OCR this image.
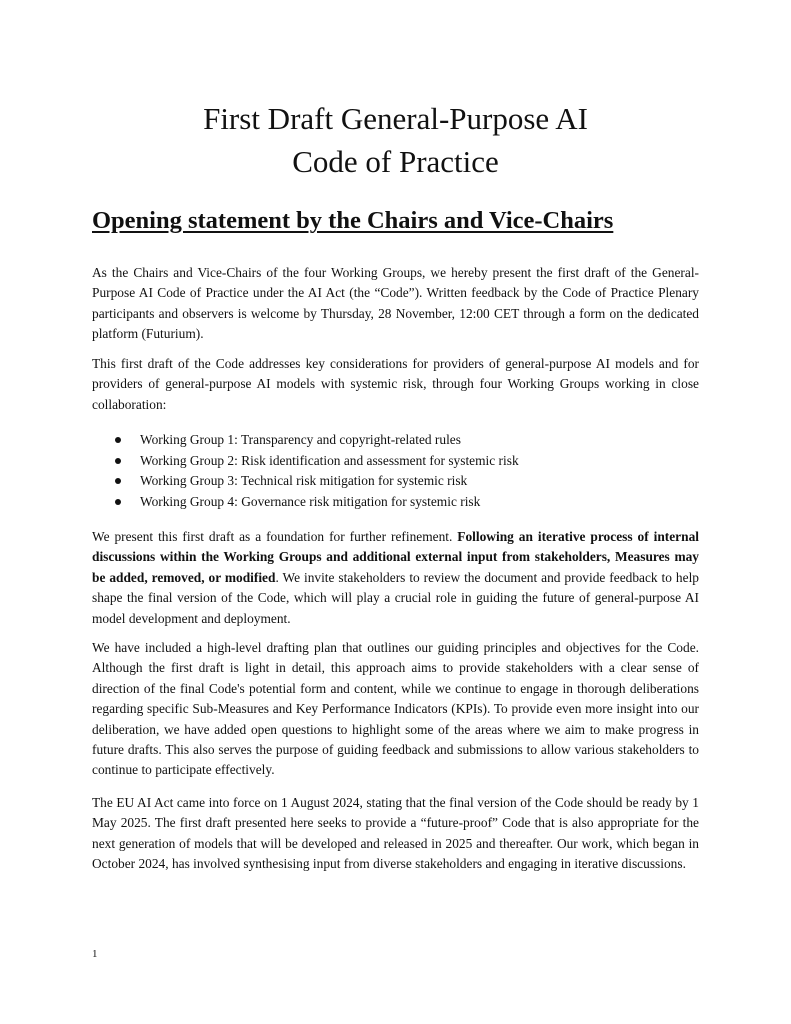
First Draft General-Purpose AI
Code of Practice
Opening statement by the Chairs and Vice-Chairs

As the Chairs and Vice-Chairs of the four Working Groups, we hereby present the first draft of the General-Purpose AI Code of Practice under the AI Act (the “Code”). Written feedback by the Code of Practice Plenary participants and observers is welcome by Thursday, 28 November, 12:00 CET through a form on the dedicated platform (Futurium).

This first draft of the Code addresses key considerations for providers of general-purpose AI models and for providers of general-purpose AI models with systemic risk, through four Working Groups working in close collaboration:

Working Group 1: Transparency and copyright-related rules
Working Group 2: Risk identification and assessment for systemic risk
Working Group 3: Technical risk mitigation for systemic risk
Working Group 4: Governance risk mitigation for systemic risk

We present this first draft as a foundation for further refinement. Following an iterative process of internal discussions within the Working Groups and additional external input from stakeholders, Measures may be added, removed, or modified. We invite stakeholders to review the document and provide feedback to help shape the final version of the Code, which will play a crucial role in guiding the future of general-purpose AI model development and deployment.

We have included a high-level drafting plan that outlines our guiding principles and objectives for the Code. Although the first draft is light in detail, this approach aims to provide stakeholders with a clear sense of direction of the final Code's potential form and content, while we continue to engage in thorough deliberations regarding specific Sub-Measures and Key Performance Indicators (KPIs). To provide even more insight into our deliberation, we have added open questions to highlight some of the areas where we aim to make progress in future drafts. This also serves the purpose of guiding feedback and submissions to allow various stakeholders to continue to participate effectively.

The EU AI Act came into force on 1 August 2024, stating that the final version of the Code should be ready by 1 May 2025. The first draft presented here seeks to provide a “future-proof” Code that is also appropriate for the next generation of models that will be developed and released in 2025 and thereafter. Our work, which began in October 2024, has involved synthesising input from diverse stakeholders and engaging in iterative discussions.

1
